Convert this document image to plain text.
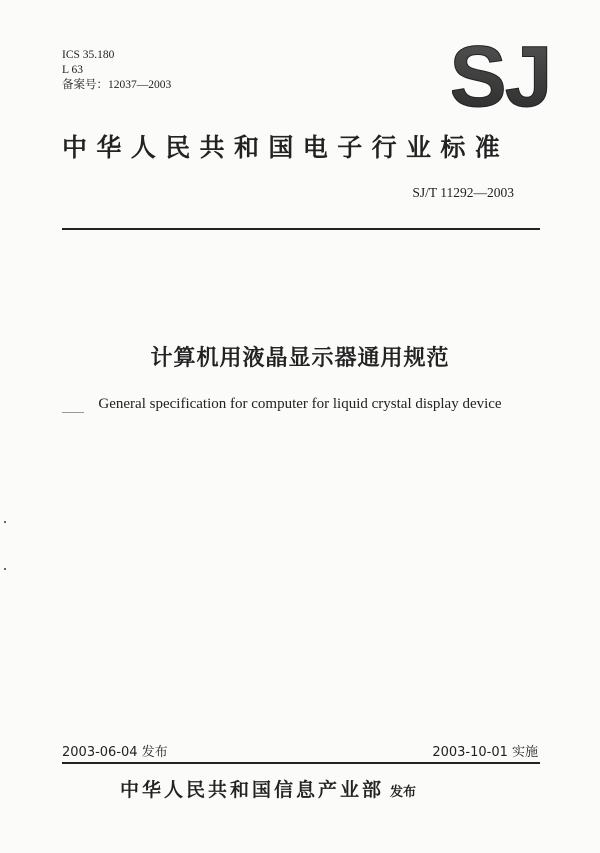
ICS 35.180
L 63
备案号：12037—2003	SJ
中华人民共和国电子行业标准
SJ/T 11292—2003
计算机用液晶显示器通用规范
General specification for computer for liquid crystal display device
2003-06-04 发布	2003-10-01 实施
中华人民共和国信息产业部 发布
